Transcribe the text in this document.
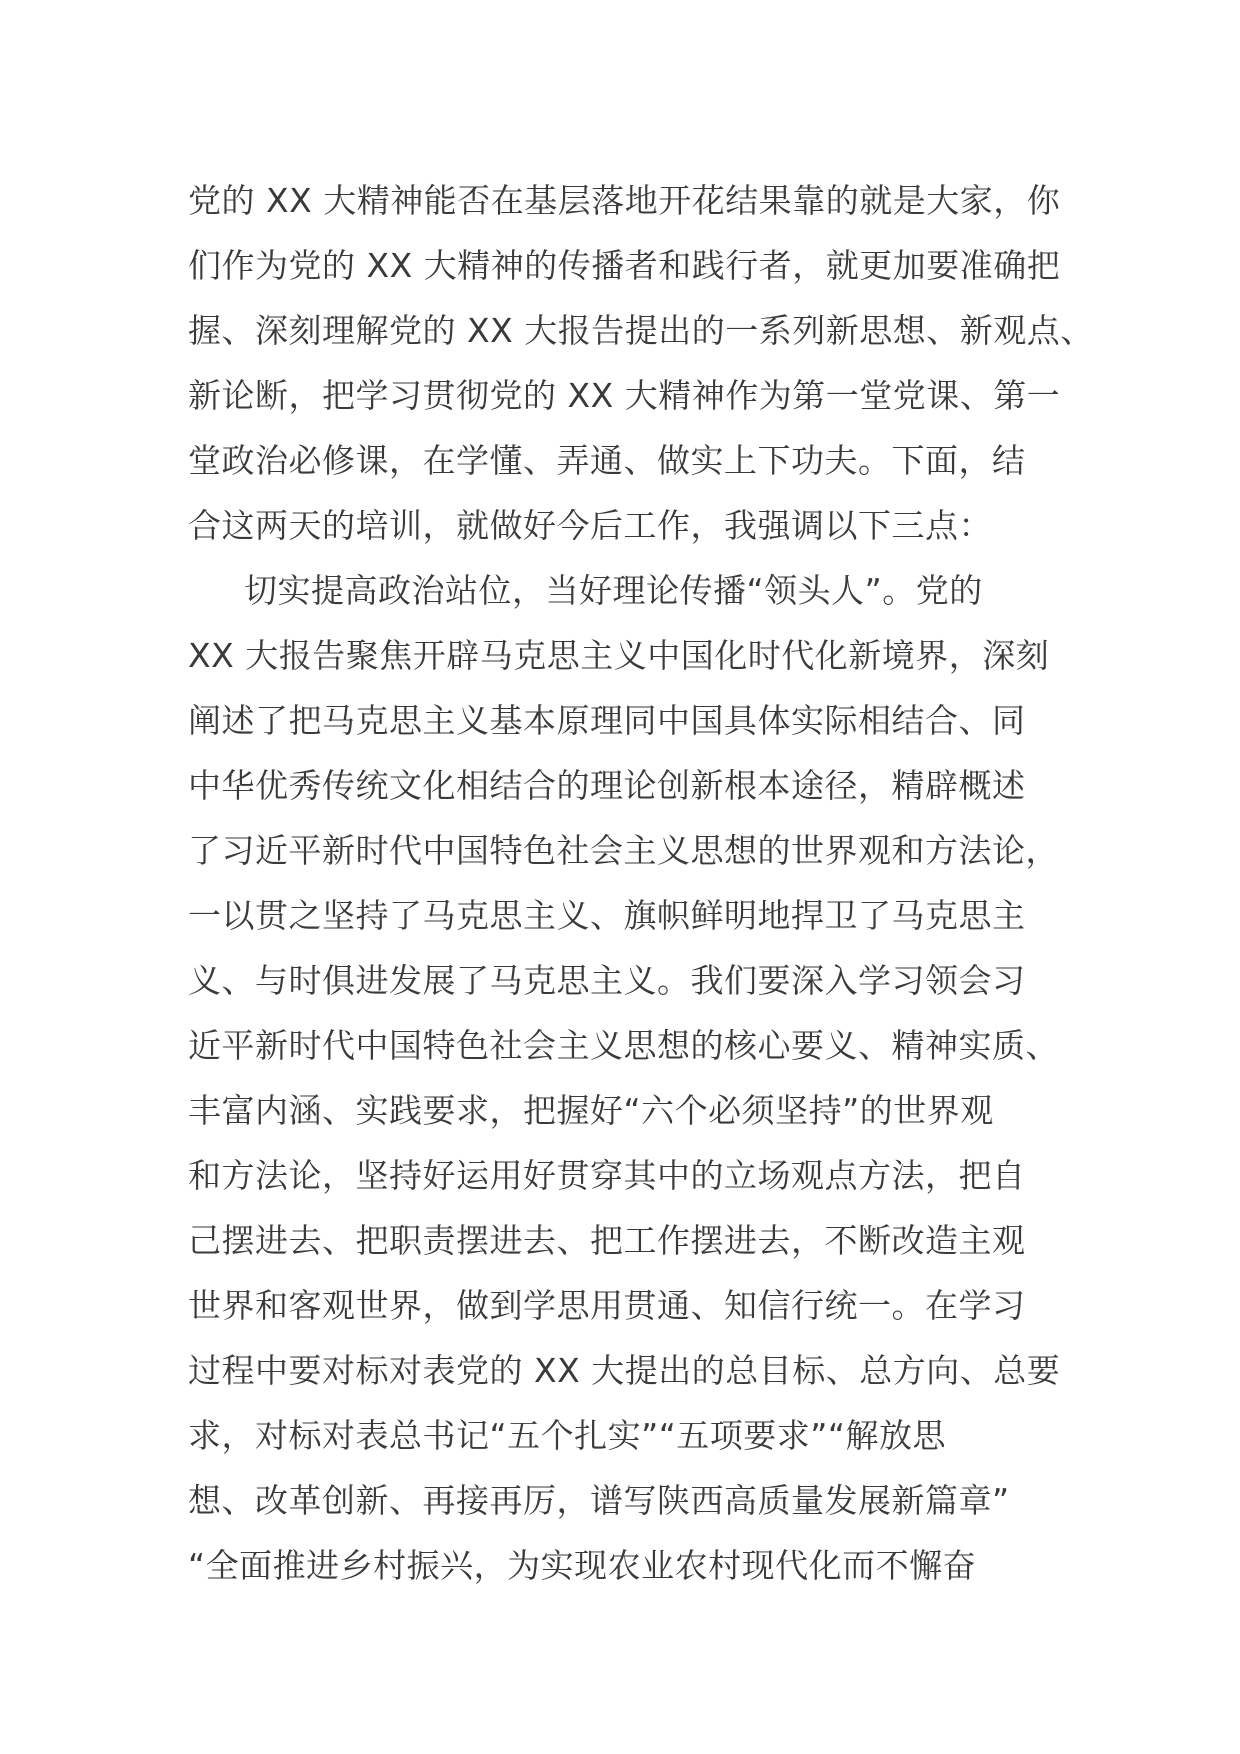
党的 XX 大精神能否在基层落地开花结果靠的就是大家，你
们作为党的 XX 大精神的传播者和践行者，就更加要准确把
握、深刻理解党的 XX 大报告提出的一系列新思想、新观点、
新论断，把学习贯彻党的 XX 大精神作为第一堂党课、第一
堂政治必修课，在学懂、弄通、做实上下功夫。下面，结
合这两天的培训，就做好今后工作，我强调以下三点：
切实提高政治站位，当好理论传播“领头人”。党的
XX 大报告聚焦开辟马克思主义中国化时代化新境界，深刻
阐述了把马克思主义基本原理同中国具体实际相结合、同
中华优秀传统文化相结合的理论创新根本途径，精辟概述
了习近平新时代中国特色社会主义思想的世界观和方法论，
一以贯之坚持了马克思主义、旗帜鲜明地捍卫了马克思主
义、与时俱进发展了马克思主义。我们要深入学习领会习
近平新时代中国特色社会主义思想的核心要义、精神实质、
丰富内涵、实践要求，把握好“六个必须坚持”的世界观
和方法论，坚持好运用好贯穿其中的立场观点方法，把自
己摆进去、把职责摆进去、把工作摆进去，不断改造主观
世界和客观世界，做到学思用贯通、知信行统一。在学习
过程中要对标对表党的 XX 大提出的总目标、总方向、总要
求，对标对表总书记“五个扎实”“五项要求”“解放思
想、改革创新、再接再厉，谱写陕西高质量发展新篇章”
“全面推进乡村振兴，为实现农业农村现代化而不懈奋
